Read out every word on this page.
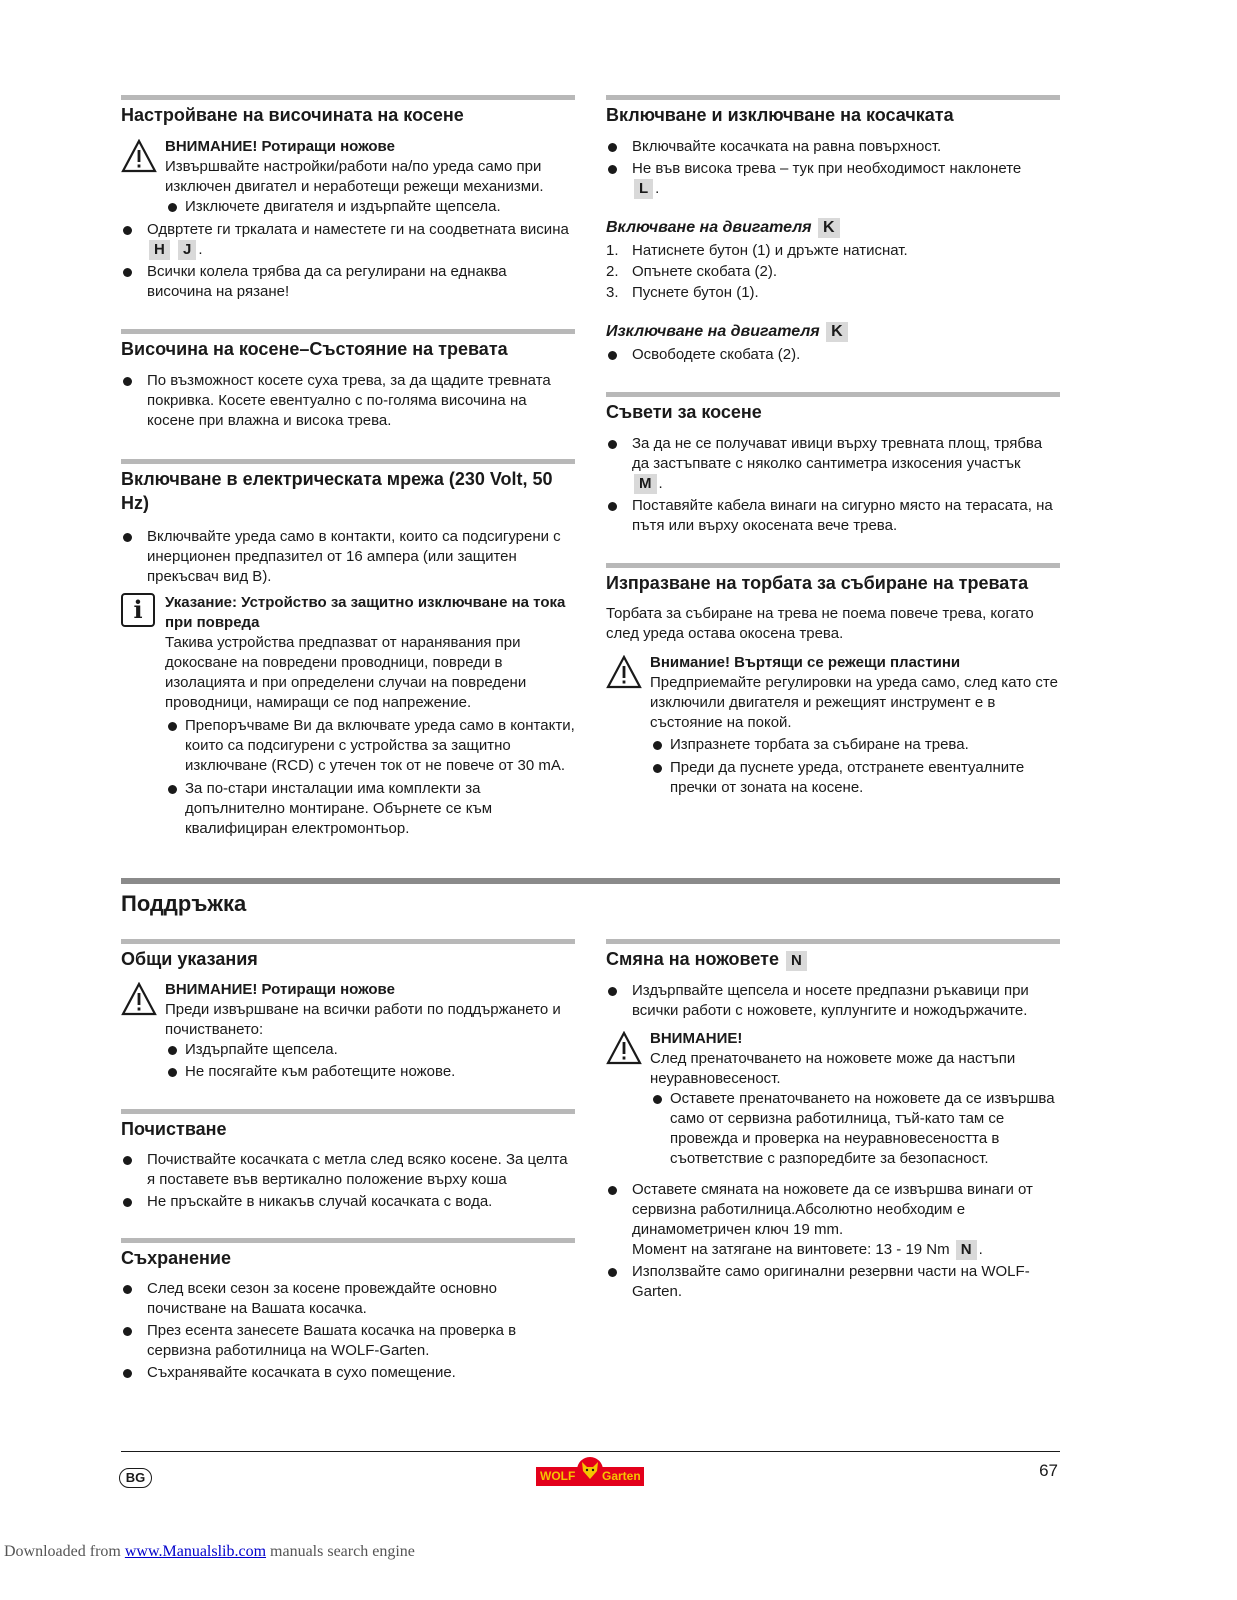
Настройване на височината на косене
ВНИМАНИЕ! Ротиращи ножове
Извършвайте настройки/работи на/по уреда само при изключен двигател и неработещи режещи механизми.
Изключете двигателя и издърпайте щепсела.
Одвртете ги тркалата и наместете ги на соодветната висина H J .
Всички колела трябва да са регулирани на еднаква височина на рязане!
Височина на косене–Състояние на тревата
По възможност косете суха трева, за да щадите тревната покривка. Косете евентуално с по-голяма височина на косене при влажна и висока трева.
Включване в електрическата мрежа (230 Volt, 50 Hz)
Включвайте уреда само в контакти, които са подсигурени с инерционен предпазител от 16 ампера (или защитен прекъсвач вид B).
i	Указание: Устройство за защитно изключване на тока при повреда
Такива устройства предпазват от наранявания при докосване на повредени проводници, повреди в изолацията и при определени случаи на повредени проводници, намиращи се под напрежение.
Препоръчваме Ви да включвате уреда само в контакти, които са подсигурени с устройства за защитно изключване (RCD) с утечен ток от не повече от 30 mA.
За по-стари инсталации има комплекти за допълнително монтиране. Обърнете се към квалифициран електромонтьор.
Включване и изключване на косачката
Включвайте косачката на равна повърхност.
Не във висока трева – тук при необходимост наклонете
L .
Включване на двигателя K
1. Натиснете бутон (1) и дръжте натиснат.
2. Опънете скобата (2).
3. Пуснете бутон (1).
Изключване на двигателя K
Освободете скобата (2).
Съвети за косене
За да не се получават ивици върху тревната площ, трябва да застъпвате с няколко сантиметра изкосения участък
M .
Поставяйте кабела винаги на сигурно място на терасата, на пътя или върху окосената вече трева.
Изпразване на торбата за събиране на тревата
Торбата за събиране на трева не поема повече трева, когато след уреда остава окосена трева.
Внимание! Въртящи се режещи пластини
Предприемайте регулировки на уреда само, след като сте изключили двигателя и режещият инструмент е в състояние на покой.
Изпразнете торбата за събиране на трева.
Преди да пуснете уреда, отстранете евентуалните пречки от зоната на косене.
Поддръжка
Общи указания
ВНИМАНИЕ! Ротиращи ножове
Преди извършване на всички работи по поддържането и почистването:
Издърпайте щепсела.
Не посягайте към работещите ножове.
Почистване
Почиствайте косачката с метла след всяко косене. За целта я поставете във вертикално положение върху коша
Не пръскайте в никакъв случай косачката с вода.
Съхранение
След всеки сезон за косене провеждайте основно почистване на Вашата косачка.
През есента занесете Вашата косачка на проверка в сервизна работилница на WOLF-Garten.
Съхранявайте косачката в сухо помещение.
Смяна на ножовете N
Издърпвайте щепсела и носете предпазни ръкавици при всички работи с ножовете, куплунгите и ножодържачите.
ВНИМАНИЕ!
След пренаточването на ножовете може да настъпи неуравновесеност.
Оставете пренаточването на ножовете да се извършва само от сервизна работилница, тъй-като там се провежда и проверка на неуравновесеността в съответствие с разпоредбите за безопасност.
Оставете смяната на ножовете да се извършва винаги от сервизна работилница.Абсолютно необходим е динамометричен ключ 19 mm.
Момент на затягане на винтовете: 13 - 19 Nm N .
Използвайте само оригинални резервни части на WOLF-Garten.
BG	WOLF Garten	67
Downloaded from www.Manualslib.com manuals search engine
